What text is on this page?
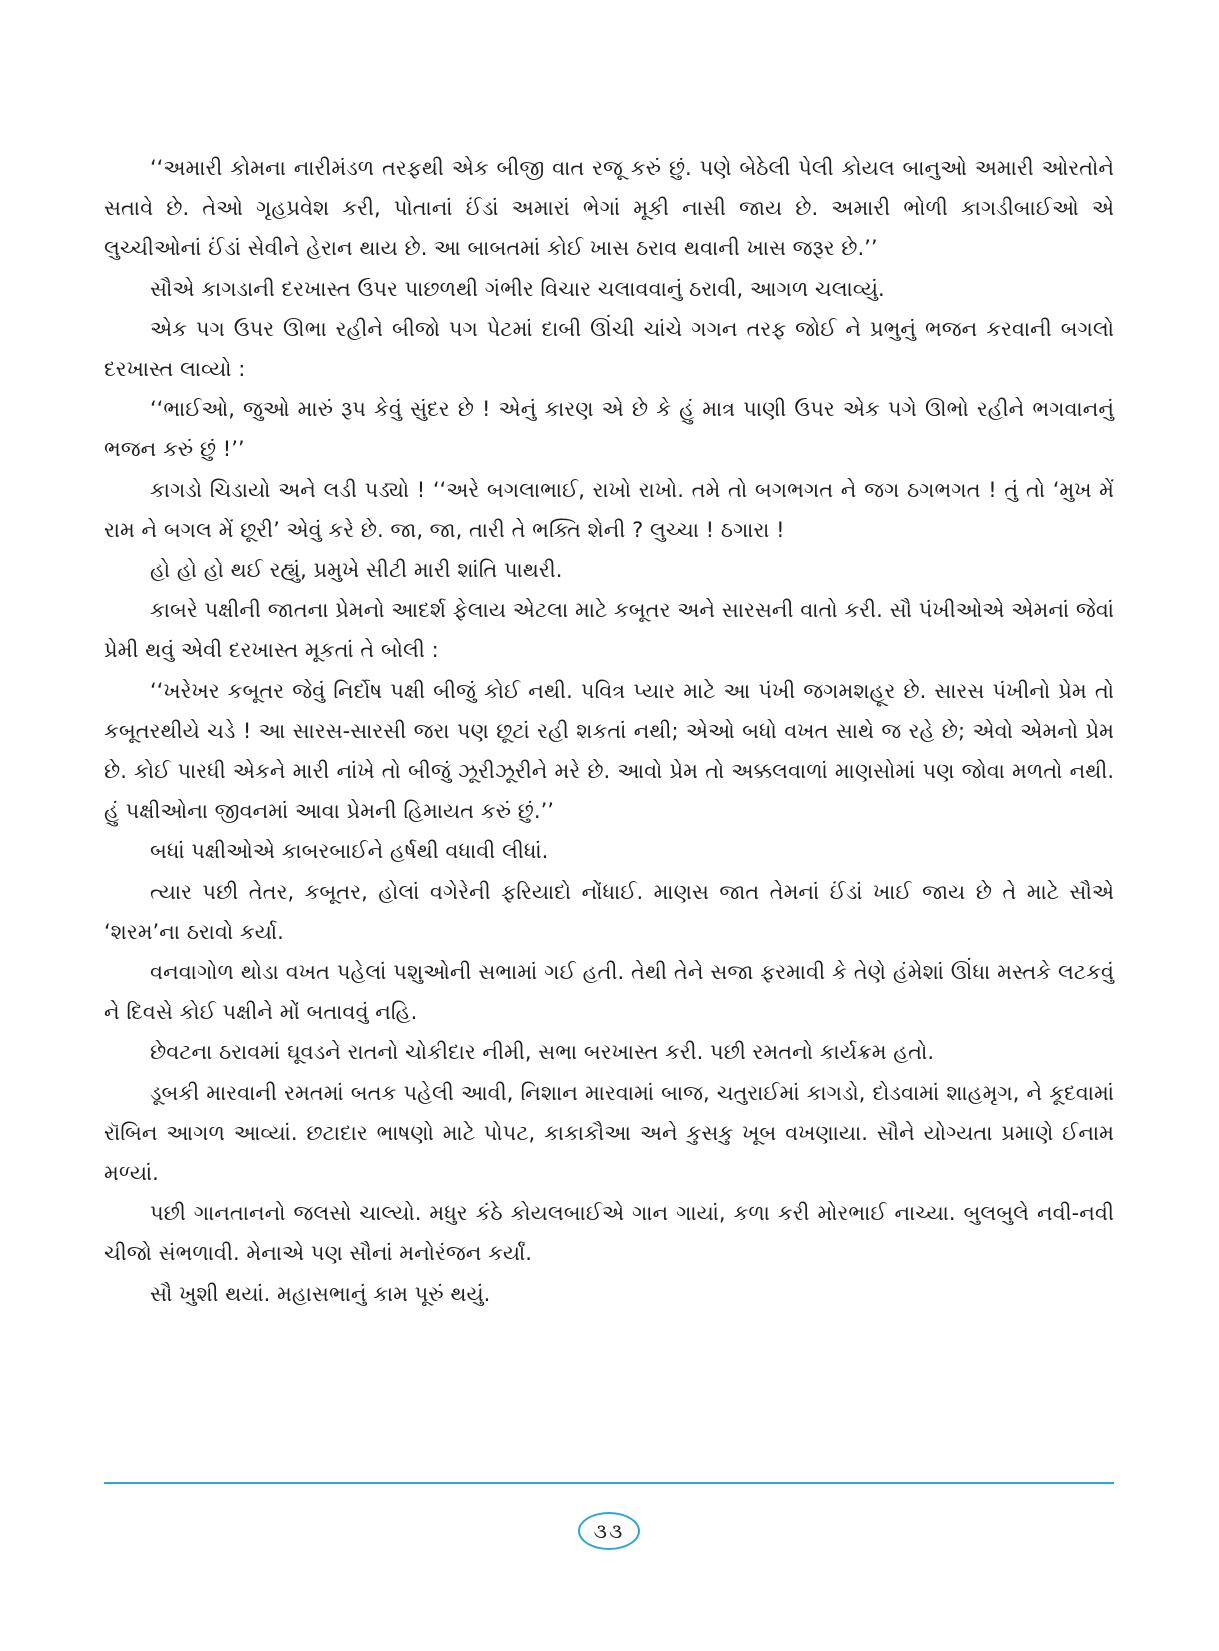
‘‘અમારી કોમના નારીમંડળ તરફથી એક બીજી વાત રજૂ કરું છું. પણે બેઠેલી પેલી કોયલ બાનુઓ અમારી ઓરતોને સતાવે છે. તેઓ ગૃહપ્રવેશ કરી, પોતાનાં ઈંડાં અમારાં ભેગાં મૂકી નાસી જાય છે. અમારી ભોળી કાગડીબાઈઓ એ લુચ્ચીઓનાં ઈંડાં સેવીને હેરાન થાય છે. આ બાબતમાં કોઈ ખાસ ઠરાવ થવાની ખાસ જરૂર છે.’’

સૌએ કાગડાની દરખાસ્ત ઉપર પાછળથી ગંભીર વિચાર ચલાવવાનું ઠરાવી, આગળ ચલાવ્યું.

એક પગ ઉપર ઊભા રહીને બીજો પગ પેટમાં દાબી ઊંચી ચાંચે ગગન તરફ જોઈ ને પ્રભુનું ભજન કરવાની બગલો દરખાસ્ત લાવ્યો :

‘‘ભાઈઓ, જુઓ મારું રૂપ કેવું સુંદર છે ! એનું કારણ એ છે કે હું માત્ર પાણી ઉપર એક પગે ઊભો રહીને ભગવાનનું ભજન કરું છું !’’

કાગડો ચિડાયો અને લડી પડ્યો ! ‘‘અરે બગલાભાઈ, રાખો રાખો. તમે તો બગભગત ને જગ ઠગભગત ! તું તો ‘મુખ મેં રામ ને બગલ મેં છૂરી’ એવું કરે છે. જા, જા, તારી તે ભક્તિ શેની ? લુચ્ચા ! ઠગારા !

હો હો હો થઈ રહ્યું, પ્રમુખે સીટી મારી શાંતિ પાથરી.

કાબરે પક્ષીની જાતના પ્રેમનો આદર્શ ફેલાય એટલા માટે કબૂતર અને સારસની વાતો કરી. સૌ પંખીઓએ એમનાં જેવાં પ્રેમી થવું એવી દરખાસ્ત મૂકતાં તે બોલી :

‘‘ખરેખર કબૂતર જેવું નિર્દોષ પક્ષી બીજું કોઈ નથી. પવિત્ર પ્યાર માટે આ પંખી જગમશહૂર છે. સારસ પંખીનો પ્રેમ તો કબૂતરથીયે ચડે ! આ સારસ-સારસી જરા પણ છૂટાં રહી શકતાં નથી; એઓ બધો વખત સાથે જ રહે છે; એવો એમનો પ્રેમ છે. કોઈ પારધી એકને મારી નાંખે તો બીજું ઝૂરીઝૂરીને મરે છે. આવો પ્રેમ તો અક્કલવાળાં માણસોમાં પણ જોવા મળતો નથી. હું પક્ષીઓના જીવનમાં આવા પ્રેમની હિમાયત કરું છું.’’

બધાં પક્ષીઓએ કાબરબાઈને હર્ષથી વધાવી લીધાં.

ત્યાર પછી તેતર, કબૂતર, હોલાં વગેરેની ફરિયાદો નોંધાઈ. માણસ જાત તેમનાં ઈંડાં ખાઈ જાય છે તે માટે સૌએ ‘શરમ’ના ઠરાવો કર્યા.

વનવાગોળ થોડા વખત પહેલાં પશુઓની સભામાં ગઈ હતી. તેથી તેને સજા ફરમાવી કે તેણે હંમેશાં ઊંધા મસ્તકે લટકવું ને દિવસે કોઈ પક્ષીને મોં બતાવવું નહિ.

છેવટના ઠરાવમાં ઘૂવડને રાતનો ચોકીદાર નીમી, સભા બરખાસ્ત કરી. પછી રમતનો કાર્યક્રમ હતો.

ડૂબકી મારવાની રમતમાં બતક પહેલી આવી, નિશાન મારવામાં બાજ, ચતુરાઈમાં કાગડો, દોડવામાં શાહમૃગ, ને કૂદવામાં રૉબિન આગળ આવ્યાં. છટાદાર ભાષણો માટે પોપટ, કાકાકૌઆ અને કુસકુ ખૂબ વખણાયા. સૌને યોગ્યતા પ્રમાણે ઈનામ મળ્યાં.

પછી ગાનતાનનો જલસો ચાલ્યો. મધુર કંઠે કોયલબાઈએ ગાન ગાયાં, કળા કરી મોરભાઈ નાચ્યા. બુલબુલે નવી-નવી ચીજો સંભળાવી. મેનાએ પણ સૌનાં મનોરંજન કર્યાં.

સૌ ખુશી થયાં. મહાસભાનું કામ પૂરું થયું.

૩૩
